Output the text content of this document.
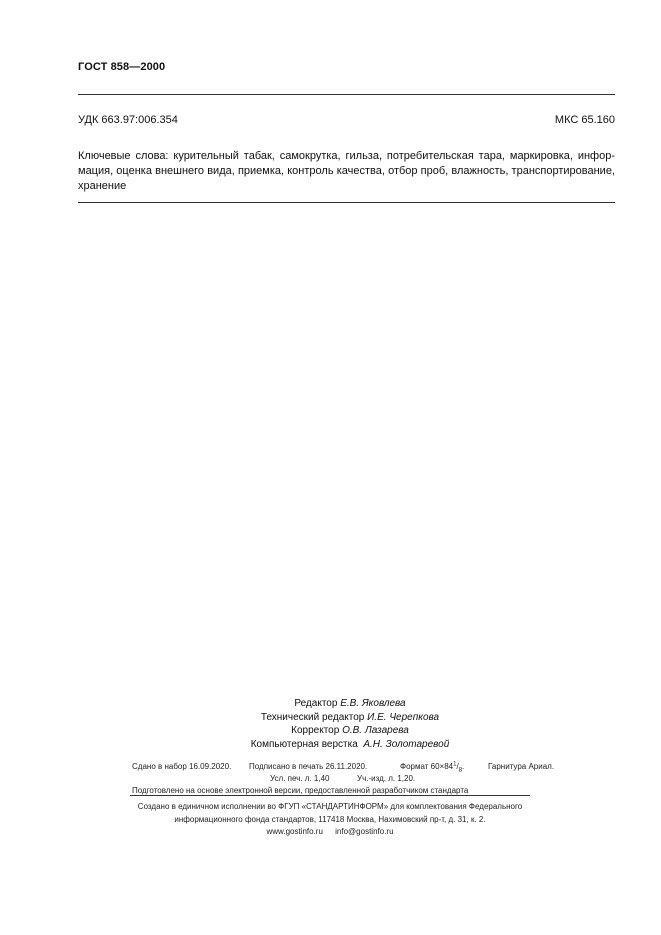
ГОСТ 858—2000
УДК 663.97:006.354	МКС 65.160
Ключевые слова: курительный табак, самокрутка, гильза, потребительская тара, маркировка, инфор-
мация, оценка внешнего вида, приемка, контроль качества, отбор проб, влажность, транспортирование,
хранение
Редактор Е.В. Яковлева
Технический редактор И.Е. Черепкова
Корректор О.В. Лазарева
Компьютерная верстка А.Н. Золотаревой
Сдано в набор 16.09.2020. Подписано в печать 26.11.2020.	Формат $60\times 84^1/_8$.	Гарнитура Ариал.
Усл. печ. л. 1,40	Уч.-изд. л. 1,20.
Подготовлено на основе электронной версии, предоставленной разработчиком стандарта
Создано в единичном исполнении во ФГУП «СТАНДАРТИНФОРМ» для комплектования Федерального
информационного фонда стандартов, 117418 Москва, Нахимовский пр-т, д. 31, к. 2.
www.gostinfo.ru info@gostinfo.ru
